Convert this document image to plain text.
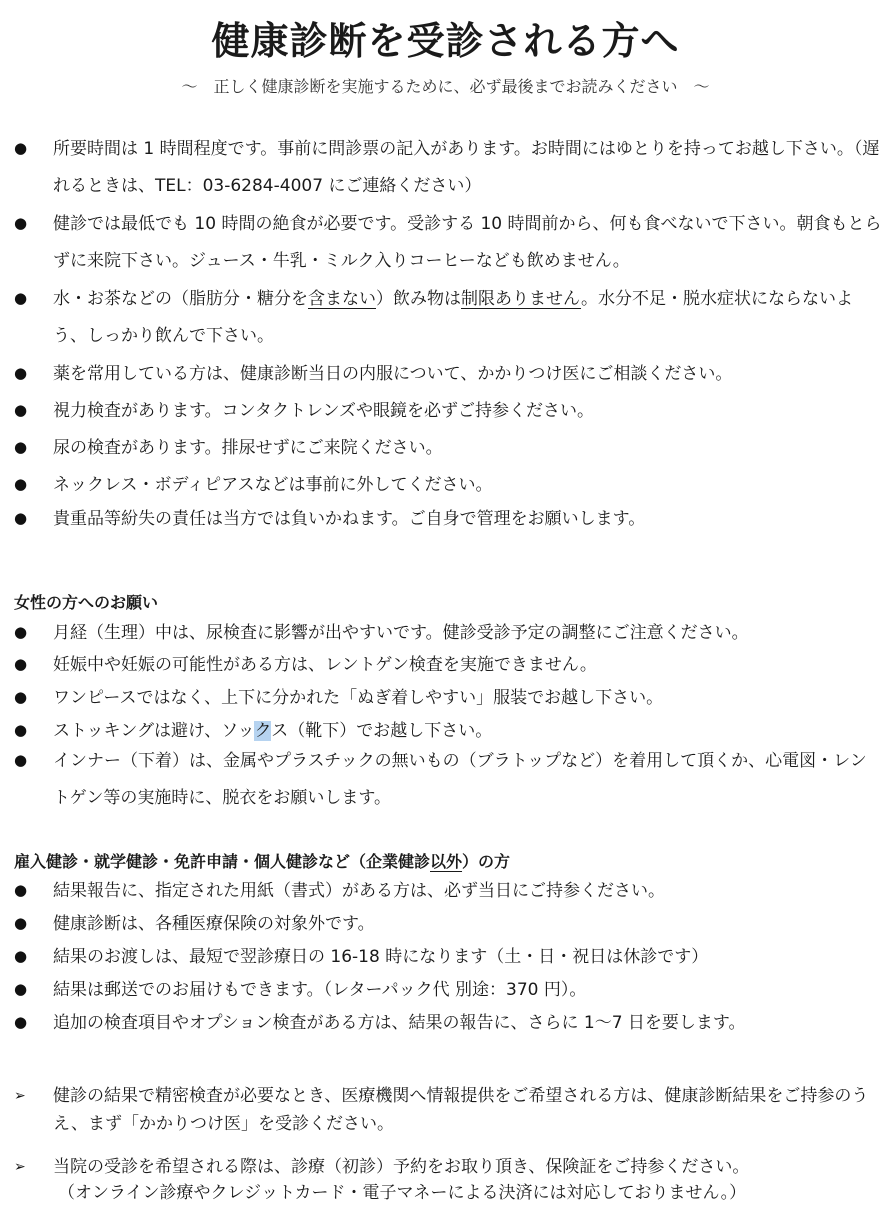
健康診断を受診される方へ
～　正しく健康診断を実施するために、必ず最後までお読みください　～
● 所要時間は 1 時間程度です。事前に問診票の記入があります。お時間にはゆとりを持ってお越し下さい。（遅れるときは、TEL：03-6284-4007 にご連絡ください）
● 健診では最低でも 10 時間の絶食が必要です。受診する 10 時間前から、何も食べないで下さい。朝食もとらずに来院下さい。ジュース・牛乳・ミルク入りコーヒーなども飲めません。
● 水・お茶などの（脂肪分・糖分を含まない）飲み物は制限ありません。水分不足・脱水症状にならないよう、しっかり飲んで下さい。
● 薬を常用している方は、健康診断当日の内服について、かかりつけ医にご相談ください。
● 視力検査があります。コンタクトレンズや眼鏡を必ずご持参ください。
● 尿の検査があります。排尿せずにご来院ください。
● ネックレス・ボディピアスなどは事前に外してください。
● 貴重品等紛失の責任は当方では負いかねます。ご自身で管理をお願いします。
女性の方へのお願い
● 月経（生理）中は、尿検査に影響が出やすいです。健診受診予定の調整にご注意ください。
● 妊娠中や妊娠の可能性がある方は、レントゲン検査を実施できません。
● ワンピースではなく、上下に分かれた「ぬぎ着しやすい」服装でお越し下さい。
● ストッキングは避け、ソックス（靴下）でお越し下さい。
● インナー（下着）は、金属やプラスチックの無いもの（ブラトップなど）を着用して頂くか、心電図・レントゲン等の実施時に、脱衣をお願いします。
雇入健診・就学健診・免許申請・個人健診など（企業健診以外）の方
● 結果報告に、指定された用紙（書式）がある方は、必ず当日にご持参ください。
● 健康診断は、各種医療保険の対象外です。
● 結果のお渡しは、最短で翌診療日の 16-18 時になります（土・日・祝日は休診です）
● 結果は郵送でのお届けもできます。（レターパック代 別途：370 円）。
● 追加の検査項目やオプション検査がある方は、結果の報告に、さらに 1〜7 日を要します。
➢ 健診の結果で精密検査が必要なとき、医療機関へ情報提供をご希望される方は、健康診断結果をご持参のうえ、まず「かかりつけ医」を受診ください。
➢ 当院の受診を希望される際は、診療（初診）予約をお取り頂き、保険証をご持参ください。
（オンライン診療やクレジットカード・電子マネーによる決済には対応しておりません。）
